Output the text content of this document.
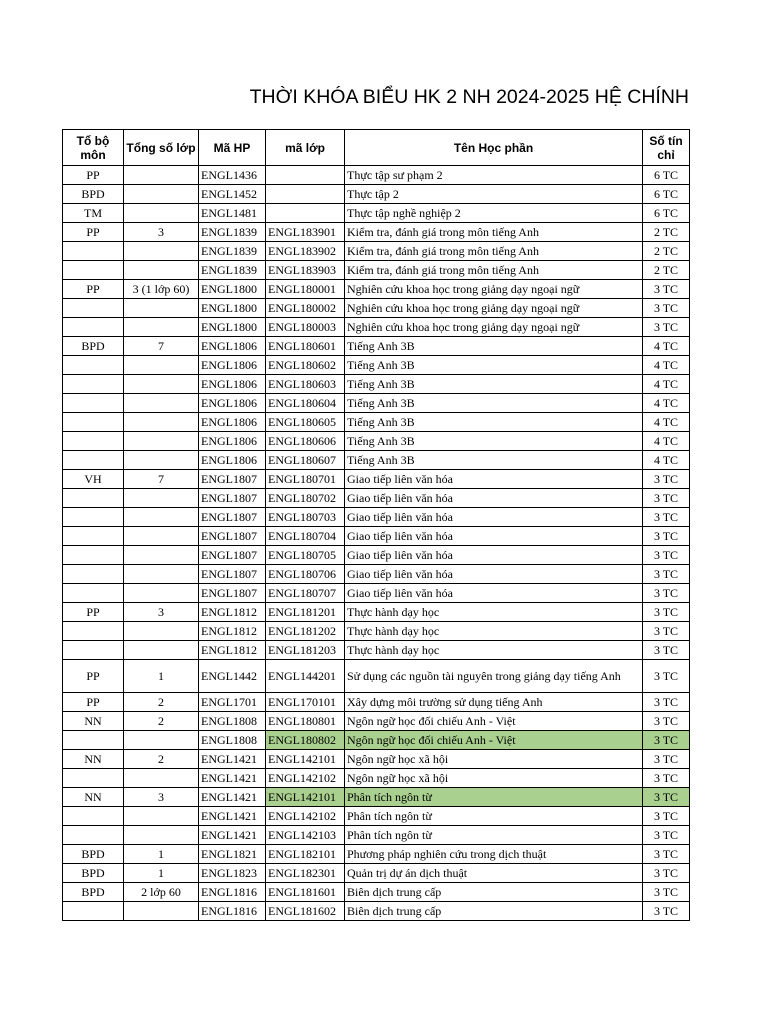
THỜI KHÓA BIỂU HK 2 NH 2024-2025 HỆ CHÍNH
Tổ bộ môn	Tổng số lớp	Mã HP	mã lớp	Tên Học phần	Số tín chỉ
PP		ENGL1436		Thực tập sư phạm 2	6 TC
BPD		ENGL1452		Thực tập 2	6 TC
TM		ENGL1481		Thực tập nghề nghiệp 2	6 TC
PP	3	ENGL1839	ENGL183901	Kiểm tra, đánh giá trong môn tiếng Anh	2 TC
		ENGL1839	ENGL183902	Kiểm tra, đánh giá trong môn tiếng Anh	2 TC
		ENGL1839	ENGL183903	Kiểm tra, đánh giá trong môn tiếng Anh	2 TC
PP	3 (1 lớp 60)	ENGL1800	ENGL180001	Nghiên cứu khoa học trong giảng dạy ngoại ngữ	3 TC
		ENGL1800	ENGL180002	Nghiên cứu khoa học trong giảng dạy ngoại ngữ	3 TC
		ENGL1800	ENGL180003	Nghiên cứu khoa học trong giảng dạy ngoại ngữ	3 TC
BPD	7	ENGL1806	ENGL180601	Tiếng Anh 3B	4 TC
		ENGL1806	ENGL180602	Tiếng Anh 3B	4 TC
		ENGL1806	ENGL180603	Tiếng Anh 3B	4 TC
		ENGL1806	ENGL180604	Tiếng Anh 3B	4 TC
		ENGL1806	ENGL180605	Tiếng Anh 3B	4 TC
		ENGL1806	ENGL180606	Tiếng Anh 3B	4 TC
		ENGL1806	ENGL180607	Tiếng Anh 3B	4 TC
VH	7	ENGL1807	ENGL180701	Giao tiếp liên văn hóa	3 TC
		ENGL1807	ENGL180702	Giao tiếp liên văn hóa	3 TC
		ENGL1807	ENGL180703	Giao tiếp liên văn hóa	3 TC
		ENGL1807	ENGL180704	Giao tiếp liên văn hóa	3 TC
		ENGL1807	ENGL180705	Giao tiếp liên văn hóa	3 TC
		ENGL1807	ENGL180706	Giao tiếp liên văn hóa	3 TC
		ENGL1807	ENGL180707	Giao tiếp liên văn hóa	3 TC
PP	3	ENGL1812	ENGL181201	Thực hành dạy học	3 TC
		ENGL1812	ENGL181202	Thực hành dạy học	3 TC
		ENGL1812	ENGL181203	Thực hành dạy học	3 TC
PP	1	ENGL1442	ENGL144201	Sử dụng các nguồn tài nguyên trong giảng dạy tiếng Anh	3 TC
PP	2	ENGL1701	ENGL170101	Xây dựng môi trường sử dụng tiếng Anh	3 TC
NN	2	ENGL1808	ENGL180801	Ngôn ngữ học đối chiếu Anh - Việt	3 TC
		ENGL1808	ENGL180802	Ngôn ngữ học đối chiếu Anh - Việt	3 TC
NN	2	ENGL1421	ENGL142101	Ngôn ngữ học xã hội	3 TC
		ENGL1421	ENGL142102	Ngôn ngữ học xã hội	3 TC
NN	3	ENGL1421	ENGL142101	Phân tích ngôn từ	3 TC
		ENGL1421	ENGL142102	Phân tích ngôn từ	3 TC
		ENGL1421	ENGL142103	Phân tích ngôn từ	3 TC
BPD	1	ENGL1821	ENGL182101	Phương pháp nghiên cứu trong dịch thuật	3 TC
BPD	1	ENGL1823	ENGL182301	Quản trị dự án dịch thuật	3 TC
BPD	2 lớp 60	ENGL1816	ENGL181601	Biên dịch trung cấp	3 TC
		ENGL1816	ENGL181602	Biên dịch trung cấp	3 TC
